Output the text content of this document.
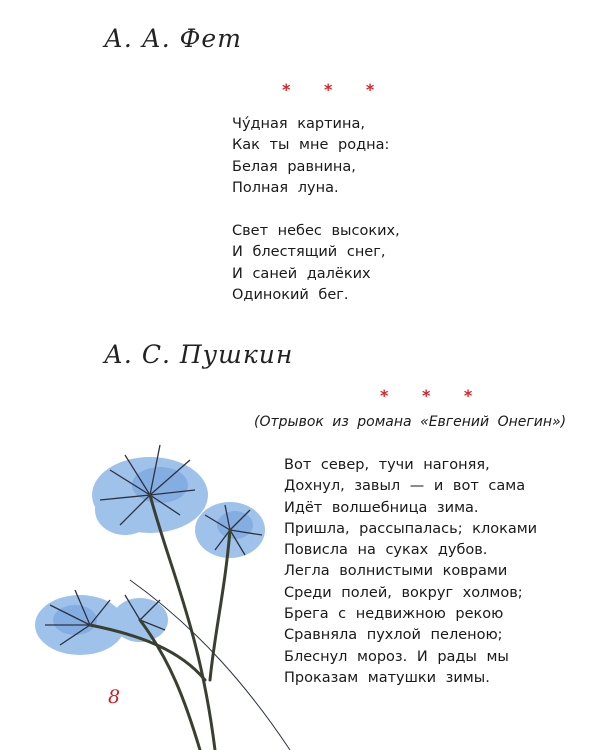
А. А. Фет
* * *
Чу́дная картина,
Как ты мне родна:
Белая равнина,
Полная луна.
Свет небес высоких,
И блестящий снег,
И саней далёких
Одинокий бег.
А. С. Пушкин
* * *
(Отрывок из романа «Евгений Онегин»)
Вот север, тучи нагоняя,
Дохнул, завыл — и вот сама
Идёт волшебница зима.
Пришла, рассыпалась; клоками
Повисла на суках дубов.
Легла волнистыми коврами
Среди полей, вокруг холмов;
Брега с недвижною рекою
Сравняла пухлой пеленою;
Блеснул мороз. И рады мы
Проказам матушки зимы.
8
